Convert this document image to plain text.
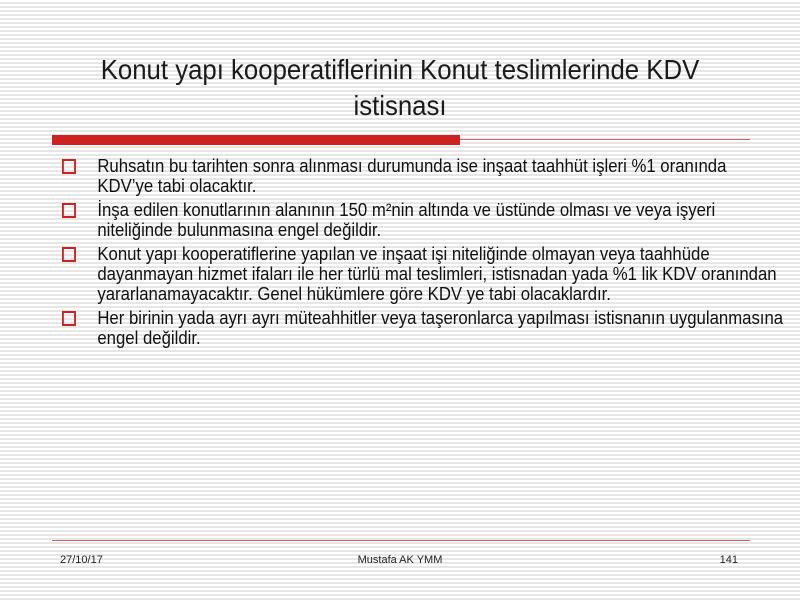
Konut yapı kooperatiflerinin Konut teslimlerinde KDV
istisnası
Ruhsatın bu tarihten sonra alınması durumunda ise inşaat taahhüt işleri %1 oranında KDV’ye tabi olacaktır.
İnşa edilen konutlarının alanının 150 m²nin altında ve üstünde olması ve veya işyeri niteliğinde bulunmasına engel değildir.
Konut yapı kooperatiflerine yapılan ve inşaat işi niteliğinde olmayan veya taahhüde dayanmayan hizmet ifaları ile her türlü mal teslimleri, istisnadan yada %1 lik KDV oranından yararlanamayacaktır. Genel hükümlere göre KDV ye tabi olacaklardır.
Her birinin yada ayrı ayrı müteahhitler veya taşeronlarca yapılması istisnanın uygulanmasına engel değildir.
27/10/17	Mustafa AK YMM	141
